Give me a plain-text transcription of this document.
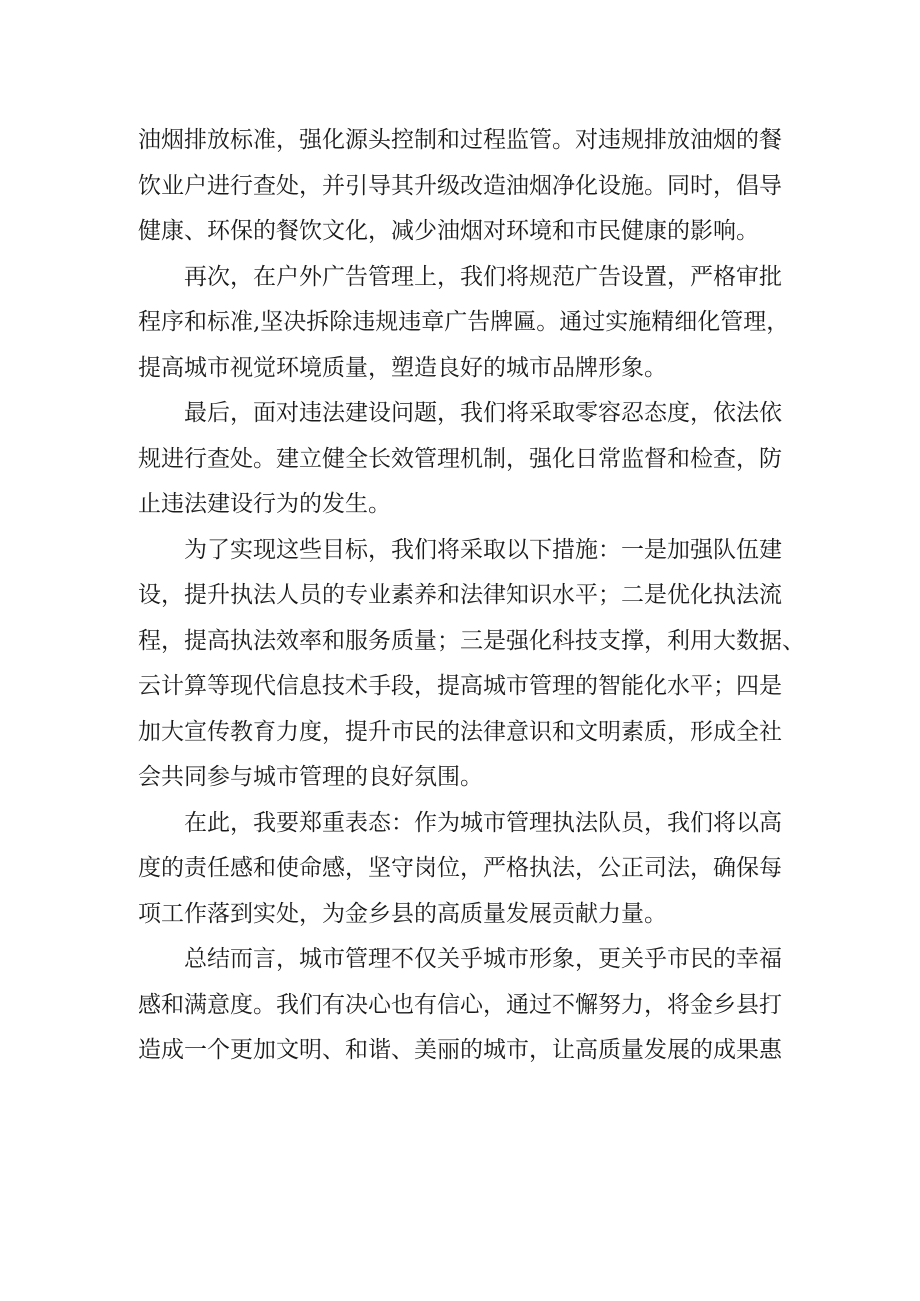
油烟排放标准，强化源头控制和过程监管。对违规排放油烟的餐
饮业户进行查处，并引导其升级改造油烟净化设施。同时，倡导
健康、环保的餐饮文化，减少油烟对环境和市民健康的影响。
再次，在户外广告管理上，我们将规范广告设置，严格审批
程序和标准,坚决拆除违规违章广告牌匾。通过实施精细化管理，
提高城市视觉环境质量，塑造良好的城市品牌形象。
最后，面对违法建设问题，我们将采取零容忍态度，依法依
规进行查处。建立健全长效管理机制，强化日常监督和检查，防
止违法建设行为的发生。
为了实现这些目标，我们将采取以下措施：一是加强队伍建
设，提升执法人员的专业素养和法律知识水平；二是优化执法流
程，提高执法效率和服务质量；三是强化科技支撑，利用大数据、
云计算等现代信息技术手段，提高城市管理的智能化水平；四是
加大宣传教育力度，提升市民的法律意识和文明素质，形成全社
会共同参与城市管理的良好氛围。
在此，我要郑重表态：作为城市管理执法队员，我们将以高
度的责任感和使命感，坚守岗位，严格执法，公正司法，确保每
项工作落到实处，为金乡县的高质量发展贡献力量。
总结而言，城市管理不仅关乎城市形象，更关乎市民的幸福
感和满意度。我们有决心也有信心，通过不懈努力，将金乡县打
造成一个更加文明、和谐、美丽的城市，让高质量发展的成果惠
